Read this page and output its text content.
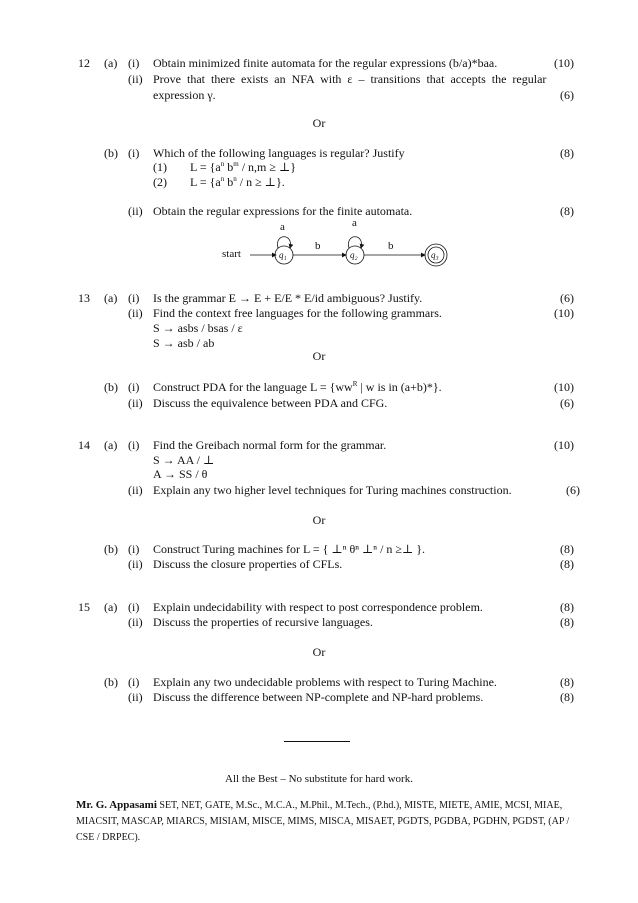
12 (a) (i) Obtain minimized finite automata for the regular expressions (b/a)*baa.	(10)
(ii) Prove  that  there  exists  an  NFA  with  ε  –  transitions  that  accepts  the  regular
expression γ.	(6)
Or
(b) (i) Which of the following languages is regular? Justify	(8)
(1) $L = \{a^n$ $b^m / n,m$ ≥ ⊥}
(2) $L = \{a^n$ $b^n$ / n ≥ ⊥}.
(ii) Obtain the regular expressions for the finite automata.	(8)
start	q₁
a
b
q₂
a
b
q₃
13 (a) (i) Is the grammar E → E + E/E * E/id ambiguous? Justify.	(6)
(ii) Find the context free languages for the following grammars.	(10)
S → asbs / bsas / ε
S → asb / ab
Or
(b) (i) Construct PDA for the language $L = \{ww^R$ | w is in (a+b)*}.	(10)
(ii) Discuss the equivalence between PDA and CFG.	(6)
14 (a) (i) Find the Greibach normal form for the grammar.	(10)
S → AA / ⊥
A → SS / θ
(ii) Explain any two higher level techniques for Turing machines construction.	(6)
Or
(b) (i) Construct Turing machines for L = { ⊥ⁿ θⁿ ⊥ⁿ / n ≥⊥ }.	(8)
(ii) Discuss the closure properties of CFLs.	(8)
15 (a) (i) Explain undecidability with respect to post correspondence problem.	(8)
(ii) Discuss the properties of recursive languages.	(8)
Or
(b) (i) Explain any two undecidable problems with respect to Turing Machine.	(8)
(ii) Discuss the difference between NP-complete and NP-hard problems.	(8)
All the Best – No substitute for hard work.
Mr. G. Appasami SET, NET, GATE, M.Sc., M.C.A., M.Phil., M.Tech., (P.hd.), MISTE, MIETE, AMIE, MCSI, MIAE, MIACSIT, MASCAP, MIARCS, MISIAM, MISCE, MIMS, MISCA, MISAET, PGDTS, PGDBA, PGDHN, PGDST, (AP / CSE / DRPEC).
